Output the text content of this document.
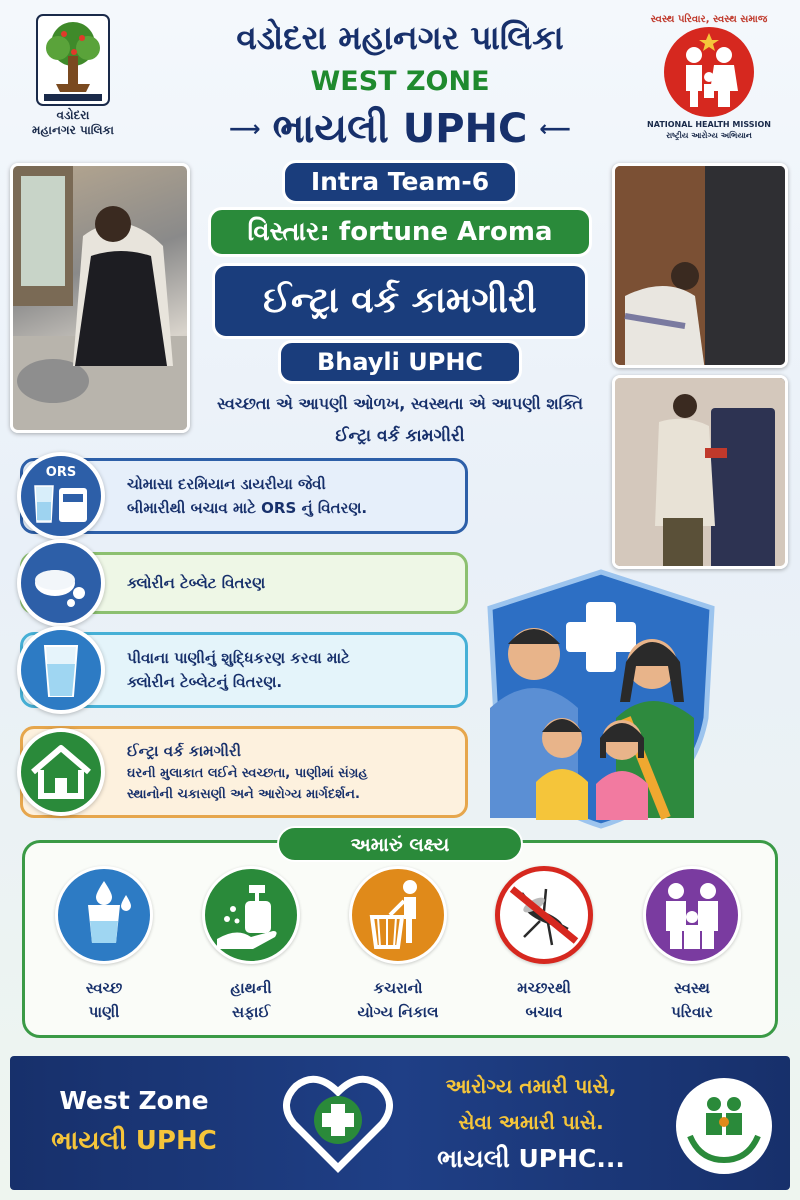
વડોદરા
મહાનગર પાલિકા
વડોદરા મહાનગર પાલિકા
WEST ZONE
⟶ ભાયલી UPHC ⟵
સ્વસ્થ પરિવાર, સ્વસ્થ સમાજ
NATIONAL HEALTH MISSION
રાષ્ટ્રીય આરોગ્ય અભિયાન
Intra Team-6
વિસ્તાર: fortune Aroma
ઈન્ટ્રા વર્ક કામગીરી
Bhayli UPHC
સ્વચ્છતા એ આપણી ઓળખ, સ્વસ્થતા એ આપણી શક્તિ
ઈન્ટ્રા વર્ક કામગીરી
ORS
ચોમાસા દરમિયાન ડાયરીયા જેવી
બીમારીથી બચાવ માટે ORS નું વિતરણ.
ક્લોરીન ટેબ્લેટ વિતરણ
પીવાના પાણીનું શુદ્ધિકરણ કરવા માટે
ક્લોરીન ટેબ્લેટનું વિતરણ.
ઈન્ટ્રા વર્ક કામગીરી
ઘરની મુલાકાત લઈને સ્વચ્છતા, પાણીમાં સંગ્રહ
સ્થાનોની ચકાસણી અને આરોગ્ય માર્ગદર્શન.
અમારું લક્ષ્ય
સ્વચ્છ
પાણી
હાથની
સફાઈ
કચરાનો
યોગ્ય નિકાલ
મચ્છરથી
બચાવ
સ્વસ્થ
પરિવાર
West Zone
ભાયલી UPHC
આરોગ્ય તમારી પાસે,
સેવા અમારી પાસે.
ભાયલી UPHC...
